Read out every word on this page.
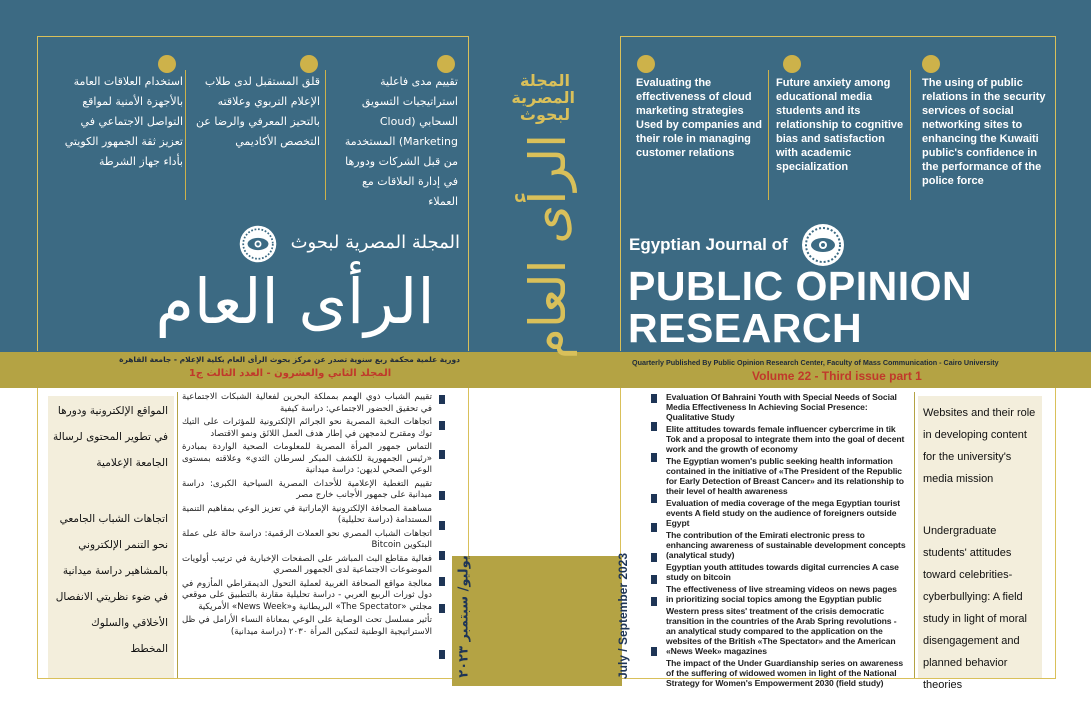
Evaluating the effectiveness of cloud marketing strategies Used by companies and their role in managing customer relations
Future anxiety among educational media students and its relationship to cognitive bias and satisfaction with academic specialization
The using of public relations in the security services of social networking sites to enhancing the Kuwaiti public's confidence in the performance of the police force
Egyptian Journal of
PUBLIC OPINION
RESEARCH
Quarterly Published By Public Opinion Research Center, Faculty of Mass Communication - Cairo University
Volume 22 - Third issue part 1

Evaluation Of Bahraini Youth with Special Needs of Social Media Effectiveness In Achieving Social Presence: Qualitative Study

Elite attitudes towards female influencer cybercrime in tik Tok and a proposal to integrate them into the goal of decent work and the growth of economy

The Egyptian women's public seeking health information contained in the initiative of «The President of the Republic for Early Detection of Breast Cancer» and its relationship to their level of health awareness

Evaluation of media coverage of the mega Egyptian tourist events A field study on the audience of foreigners outside Egypt

The contribution of the Emirati electronic press to enhancing awareness of sustainable development concepts (analytical study)

Egyptian youth attitudes towards digital currencies A case study on bitcoin

The effectiveness of live streaming videos on news pages in prioritizing social topics among the Egyptian public

Western press sites' treatment of the crisis democratic transition in the countries of the Arab Spring revolutions - an analytical study compared to the application on the websites of the British «The Spectator» and the American «News Week» magazines

The impact of the Under Guardianship series on awareness of the suffering of widowed women in light of the National Strategy for Women's Empowerment 2030 (field study)

Websites and their role in developing content for the university's media mission

Undergraduate students' attitudes toward celebrities-cyberbullying: A field study in light of moral disengagement and planned behavior theories

المجلة
المصرية
لبحوث
الرأى العام
يوليو/ سبتمبر ٢٠٢٣	July / September 2023
تقييم مدى فاعلية استراتيجيات التسويق السحابي (Cloud Marketing) المستخدمة من قبل الشركات ودورها في إدارة العلاقات مع العملاء
قلق المستقبل لدى طلاب الإعلام التربوي وعلاقته بالتحيز المعرفي والرضا عن التخصص الأكاديمي
استخدام العلاقات العامة بالأجهزة الأمنية لمواقع التواصل الاجتماعي في تعزيز ثقة الجمهور الكويتي بأداء جهاز الشرطة
المجلة المصرية لبحوث
الرأى العام
دورية علمية محكمة ربع سنوية تصدر عن مركز بحوث الرأى العام بكلية الإعلام - جامعة القاهرة
المجلد الثاني والعشرون - العدد الثالث ج1

المواقع الإلكترونية ودورها في تطوير المحتوى لرسالة الجامعة الإعلامية

اتجاهات الشباب الجامعي نحو التنمر الإلكتروني بالمشاهير دراسة ميدانية في ضوء نظريتي الانفصال الأخلاقي والسلوك المخطط

تقييم الشباب ذوي الهمم بمملكة البحرين لفعالية الشبكات الاجتماعية في تحقيق الحضور الاجتماعي: دراسة كيفية

اتجاهات النخبة المصرية نحو الجرائم الإلكترونية للمؤثرات على التيك توك ومقترح لدمجهن في إطار هدف العمل اللائق ونمو الاقتصاد

التماس جمهور المرأة المصرية للمعلومات الصحية الواردة بمبادرة «رئيس الجمهورية للكشف المبكر لسرطان الثدي» وعلاقته بمستوى الوعي الصحي لديهن: دراسة ميدانية

تقييم التغطية الإعلامية للأحداث المصرية السياحية الكبرى: دراسة ميدانية على جمهور الأجانب خارج مصر

مساهمة الصحافة الإلكترونية الإماراتية في تعزيز الوعي بمفاهيم التنمية المستدامة (دراسة تحليلية)

اتجاهات الشباب المصري نحو العملات الرقمية: دراسة حالة على عملة البتكوين Bitcoin

فعالية مقاطع البث المباشر على الصفحات الإخبارية في ترتيب أولويات الموضوعات الاجتماعية لدى الجمهور المصري

معالجة مواقع الصحافة الغربية لعملية التحول الديمقراطي المأزوم في دول ثورات الربيع العربي - دراسة تحليلية مقارنة بالتطبيق على موقعي مجلتي «The Spectator» البريطانية و«News Week» الأمريكية

تأثير مسلسل تحت الوصاية على الوعي بمعاناة النساء الأرامل في ظل الاستراتيجية الوطنية لتمكين المرأة ٢٠٣٠ (دراسة ميدانية)
